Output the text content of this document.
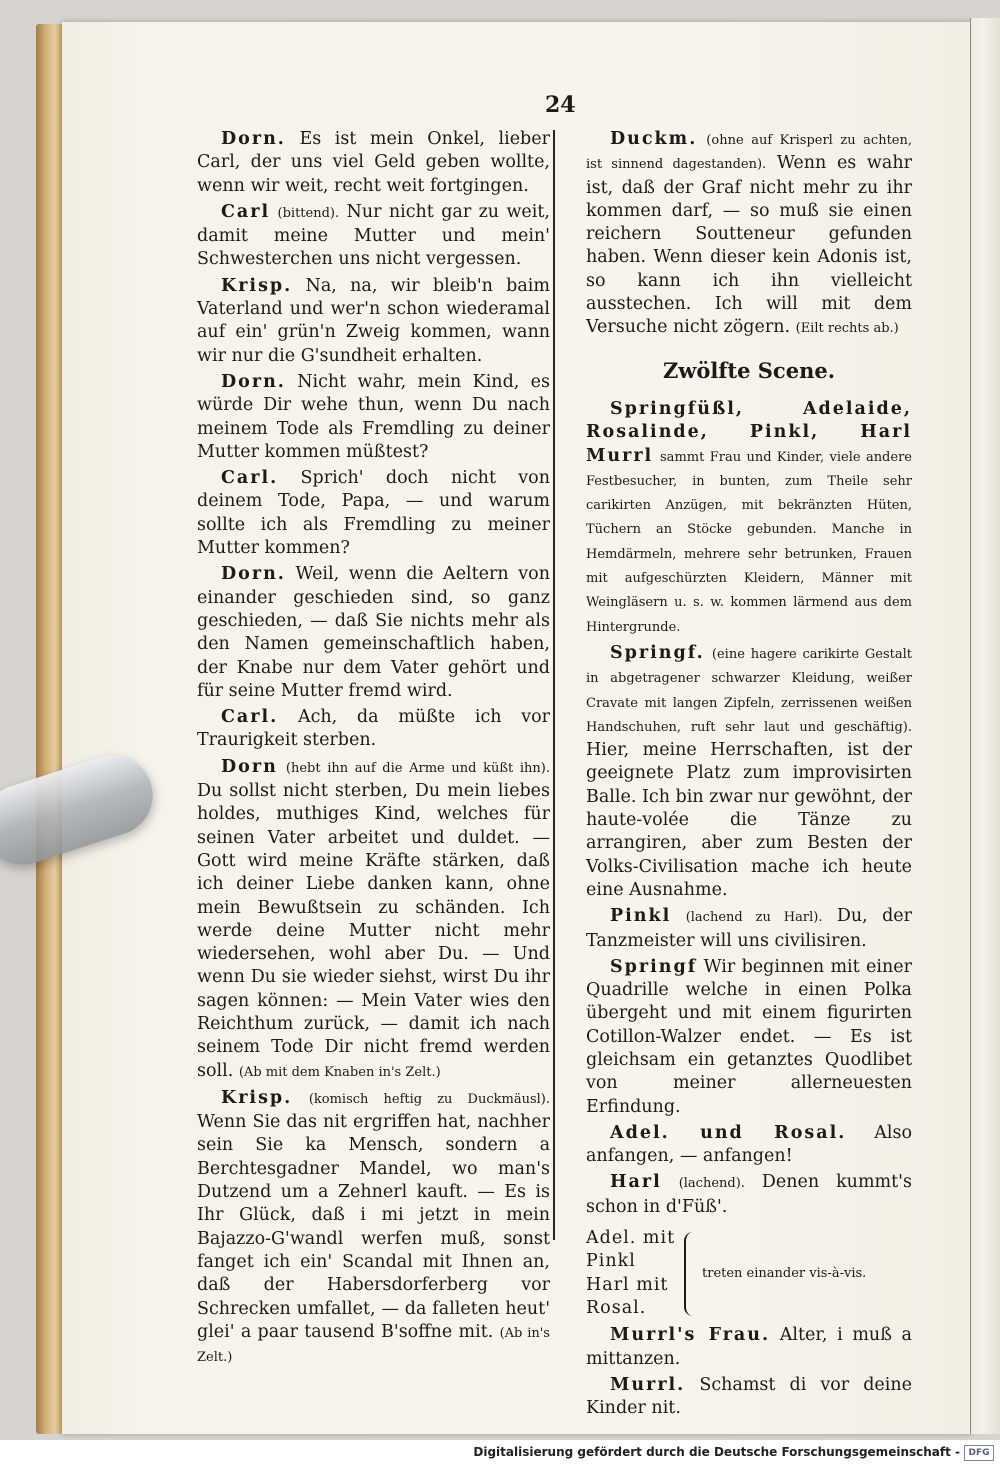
24
Dorn. Es ist mein Onkel, lieber Carl, der uns viel Geld geben wollte, wenn wir weit, recht weit fortgingen.
Carl (bittend). Nur nicht gar zu weit, damit meine Mutter und mein' Schwesterchen uns nicht vergessen.
Krisp. Na, na, wir bleib'n baim Vaterland und wer'n schon wiederamal auf ein' grün'n Zweig kommen, wann wir nur die G'sundheit erhalten.
Dorn. Nicht wahr, mein Kind, es würde Dir wehe thun, wenn Du nach meinem Tode als Fremdling zu deiner Mutter kommen müßtest?
Carl. Sprich' doch nicht von deinem Tode, Papa, — und warum sollte ich als Fremdling zu meiner Mutter kommen?
Dorn. Weil, wenn die Aeltern von einander geschieden sind, so ganz geschieden, — daß Sie nichts mehr als den Namen gemeinschaftlich haben, der Knabe nur dem Vater gehört und für seine Mutter fremd wird.
Carl. Ach, da müßte ich vor Traurigkeit sterben.
Dorn (hebt ihn auf die Arme und küßt ihn). Du sollst nicht sterben, Du mein liebes holdes, muthiges Kind, welches für seinen Vater arbeitet und duldet. — Gott wird meine Kräfte stärken, daß ich deiner Liebe danken kann, ohne mein Bewußtsein zu schänden. Ich werde deine Mutter nicht mehr wiedersehen, wohl aber Du. — Und wenn Du sie wieder siehst, wirst Du ihr sagen können: — Mein Vater wies den Reichthum zurück, — damit ich nach seinem Tode Dir nicht fremd werden soll. (Ab mit dem Knaben in's Zelt.)
Krisp. (komisch heftig zu Duckmäusl). Wenn Sie das nit ergriffen hat, nachher sein Sie ka Mensch, sondern a Berchtesgadner Mandel, wo man's Dutzend um a Zehnerl kauft. — Es is Ihr Glück, daß i mi jetzt in mein Bajazzo-G'wandl werfen muß, sonst fanget ich ein' Scandal mit Ihnen an, daß der Habersdorferberg vor Schrecken umfallet, — da falleten heut' glei' a paar tausend B'soffne mit. (Ab in's Zelt.)
Duckm. (ohne auf Krisperl zu achten, ist sinnend dagestanden). Wenn es wahr ist, daß der Graf nicht mehr zu ihr kommen darf, — so muß sie einen reichern Soutteneur gefunden haben. Wenn dieser kein Adonis ist, so kann ich ihn vielleicht ausstechen. Ich will mit dem Versuche nicht zögern. (Eilt rechts ab.)
Zwölfte Scene.
Springfüßl, Adelaide, Rosalinde, Pinkl, Harl Murrl sammt Frau und Kinder, viele andere Festbesucher, in bunten, zum Theile sehr carikirten Anzügen, mit bekränzten Hüten, Tüchern an Stöcke gebunden. Manche in Hemdärmeln, mehrere sehr betrunken, Frauen mit aufgeschürzten Kleidern, Männer mit Weingläsern u. s. w. kommen lärmend aus dem Hintergrunde.
Springf. (eine hagere carikirte Gestalt in abgetragener schwarzer Kleidung, weißer Cravate mit langen Zipfeln, zerrissenen weißen Handschuhen, ruft sehr laut und geschäftig). Hier, meine Herrschaften, ist der geeignete Platz zum improvisirten Balle. Ich bin zwar nur gewöhnt, der haute-volée die Tänze zu arrangiren, aber zum Besten der Volks-Civilisation mache ich heute eine Ausnahme.
Pinkl (lachend zu Harl). Du, der Tanzmeister will uns civilisiren.
Springf Wir beginnen mit einer Quadrille welche in einen Polka übergeht und mit einem figurirten Cotillon-Walzer endet. — Es ist gleichsam ein getanztes Quodlibet von meiner allerneuesten Erfindung.
Adel. und Rosal. Also anfangen, — anfangen!
Harl (lachend). Denen kummt's schon in d'Füß'.
Adel. mit
Pinkl
Harl mit
Rosal.
treten einander vis-à-vis.
Murrl's Frau. Alter, i muß a mittanzen.
Murrl. Schamst di vor deine Kinder nit.
Digitalisierung gefördert durch die Deutsche Forschungsgemeinschaft - DFG
